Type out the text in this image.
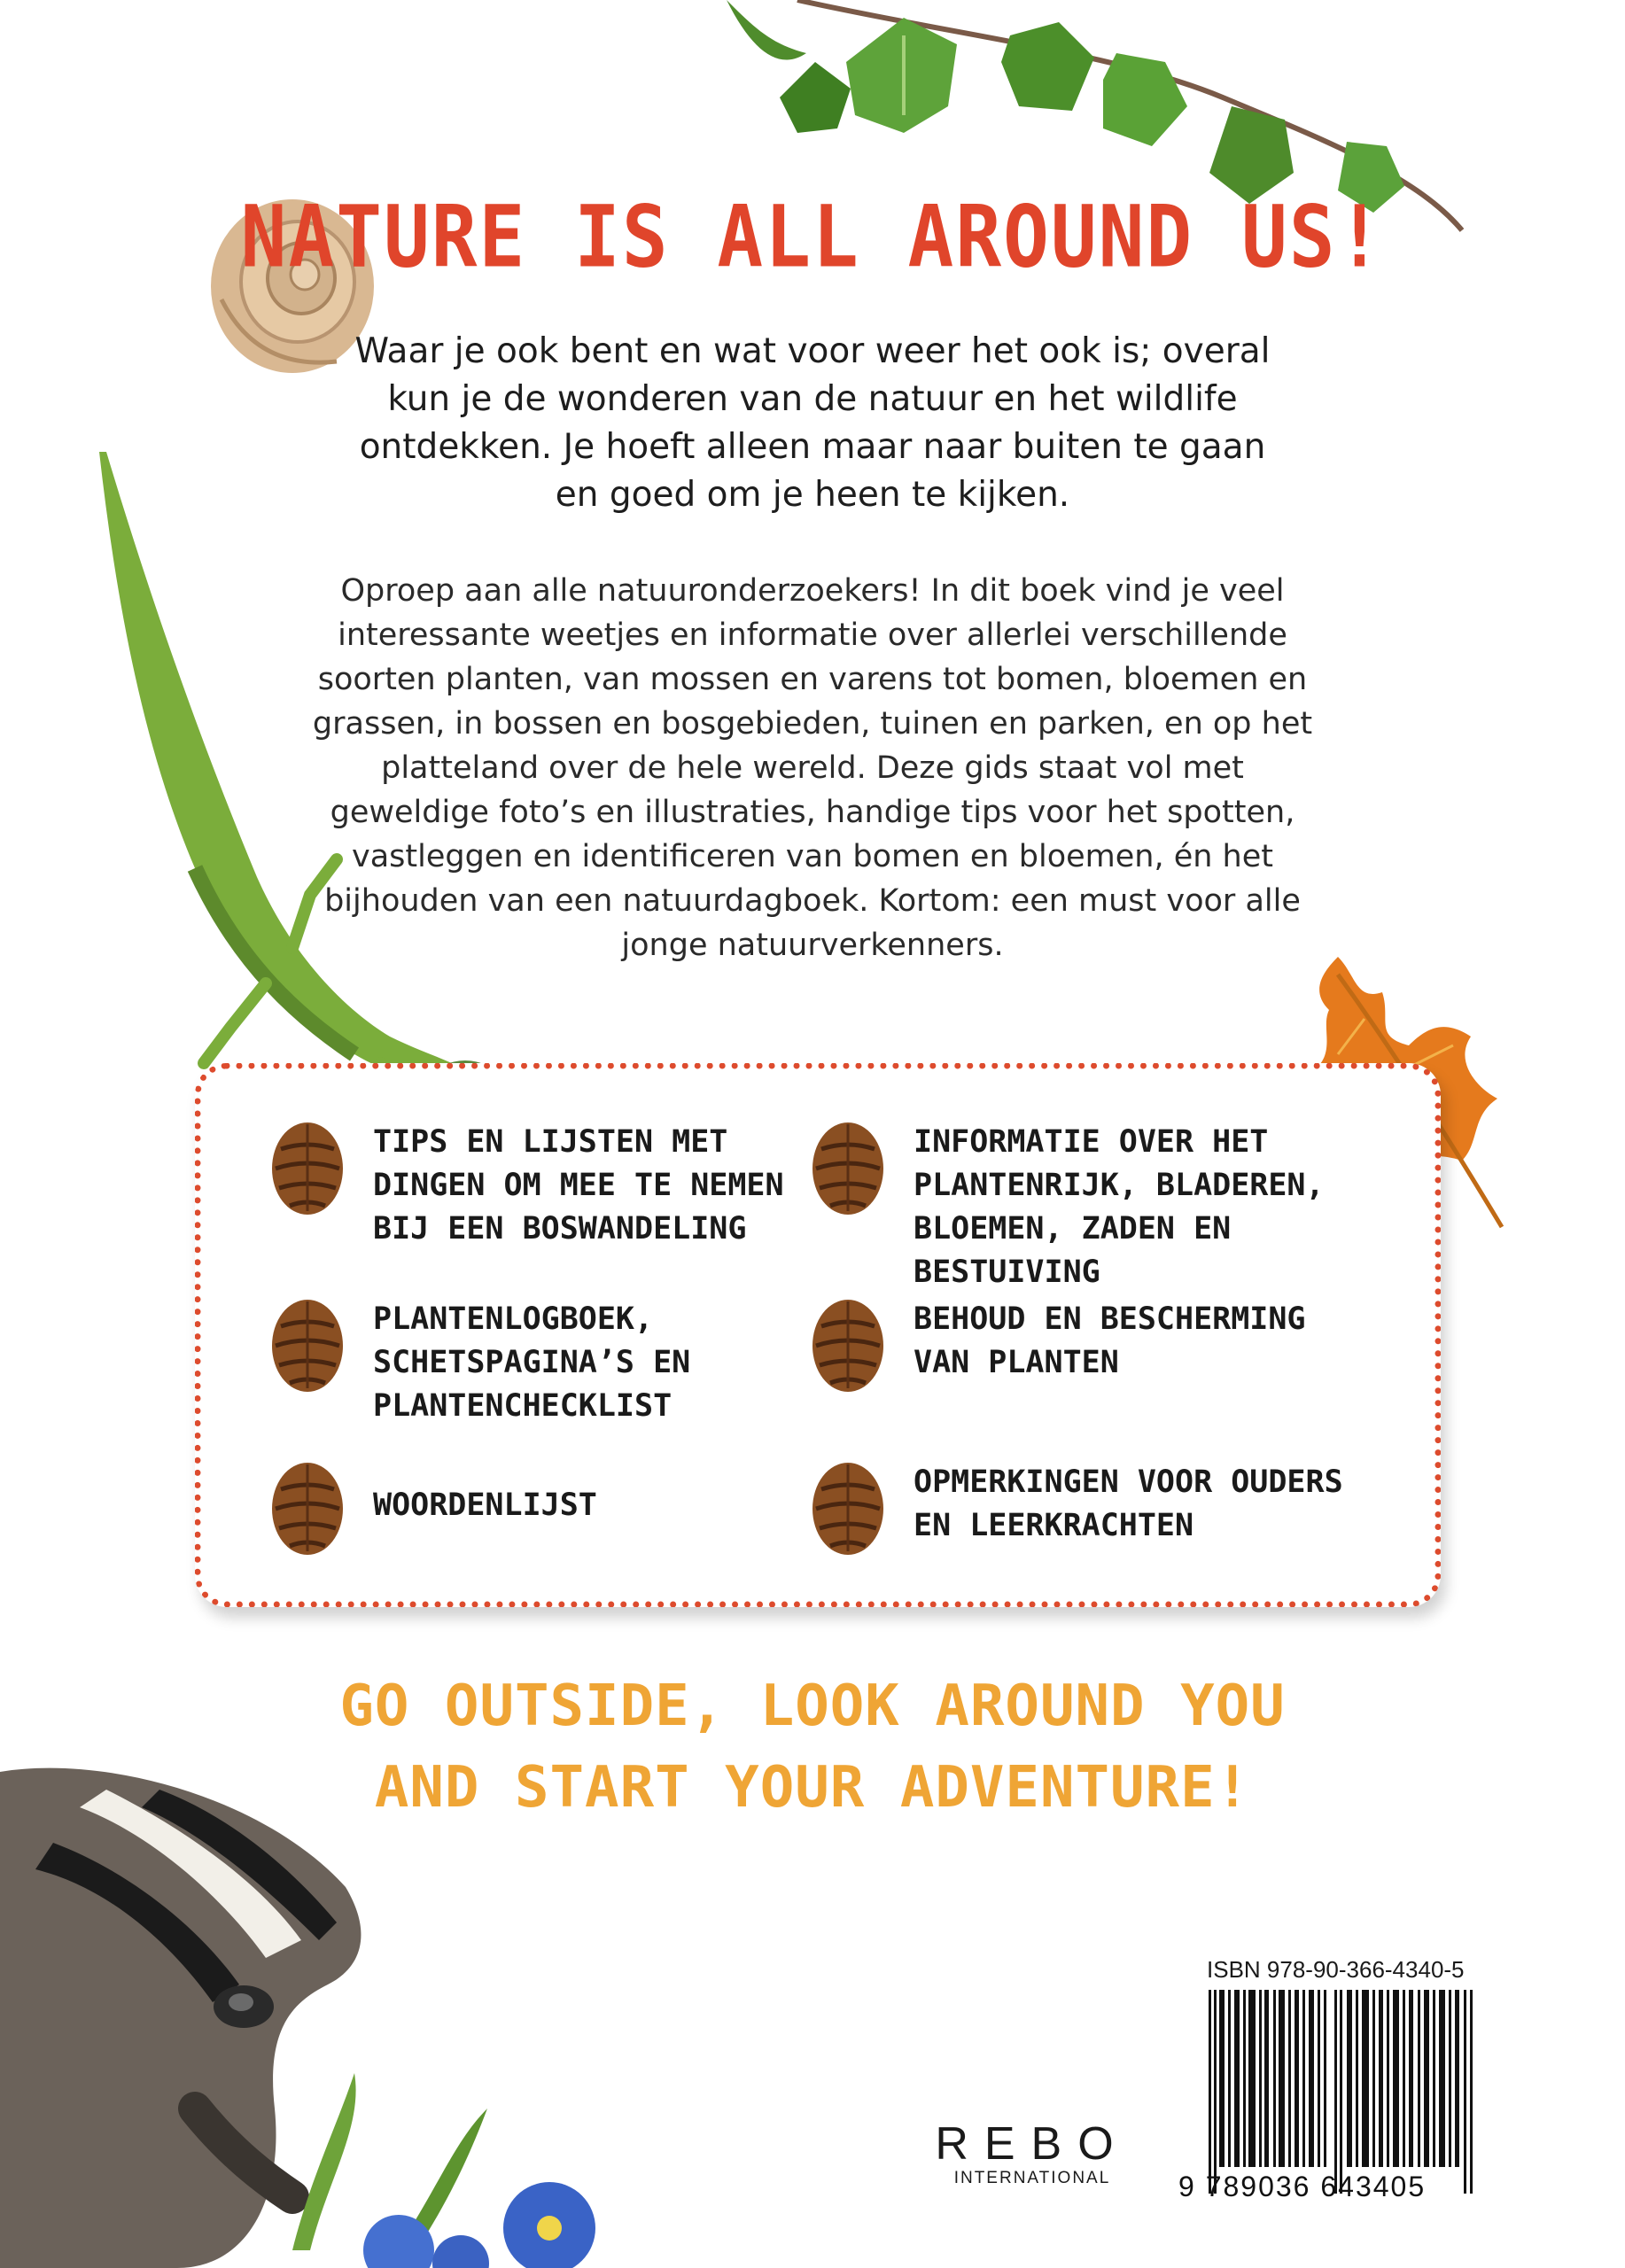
NATURE IS ALL AROUND US!
Waar je ook bent en wat voor weer het ook is; overal kun je de wonderen van de natuur en het wildlife ontdekken. Je hoeft alleen maar naar buiten te gaan en goed om je heen te kijken.
Oproep aan alle natuuronderzoekers! In dit boek vind je veel interessante weetjes en informatie over allerlei verschillende soorten planten, van mossen en varens tot bomen, bloemen en grassen, in bossen en bosgebieden, tuinen en parken, en op het platteland over de hele wereld. Deze gids staat vol met geweldige foto’s en illustraties, handige tips voor het spotten, vastleggen en identificeren van bomen en bloemen, én het bijhouden van een natuurdagboek. Kortom: een must voor alle jonge natuurverkenners.
TIPS EN LIJSTEN MET
DINGEN OM MEE TE NEMEN
BIJ EEN BOSWANDELING
INFORMATIE OVER HET
PLANTENRIJK, BLADEREN,
BLOEMEN, ZADEN EN BESTUIVING
PLANTENLOGBOEK,
SCHETSPAGINA’S EN
PLANTENCHECKLIST
BEHOUD EN BESCHERMING
VAN PLANTEN
WOORDENLIJST
OPMERKINGEN VOOR OUDERS
EN LEERKRACHTEN
GO OUTSIDE, LOOK AROUND YOU
AND START YOUR ADVENTURE!
ISBN 978-90-366-4340-5
9 789036 643405
REBO
INTERNATIONAL
